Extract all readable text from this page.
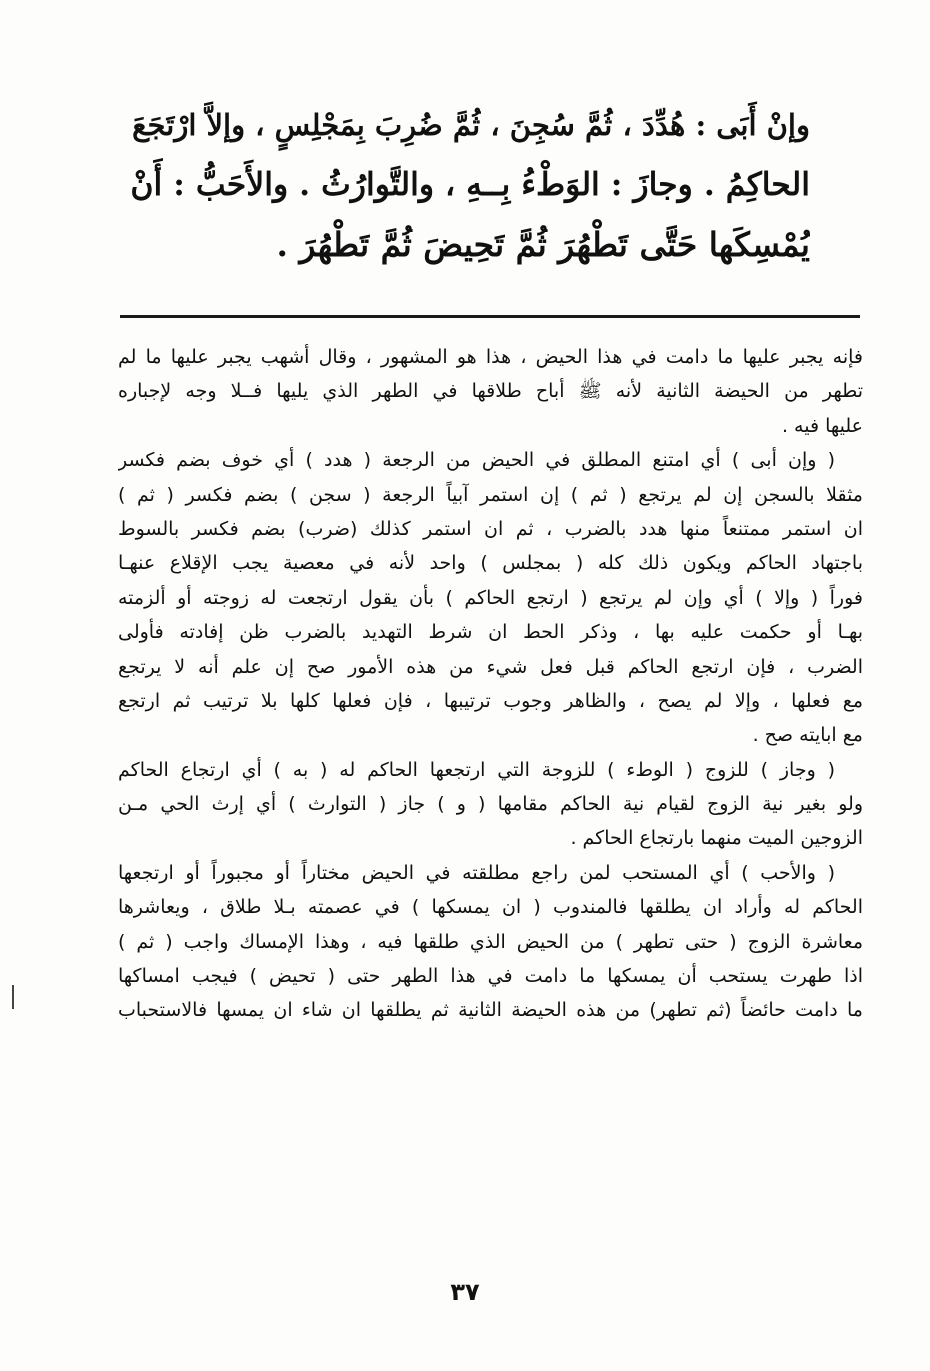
وإنْ أَبَى : هُدِّدَ ، ثُمَّ سُجِنَ ، ثُمَّ ضُرِبَ بِمَجْلِسٍ ، وإلاَّ ارْتَجَعَ
الحاكِمُ . وجازَ : الوَطْءُ بِــهِ ، والتَّوارُثُ . والأَحَبُّ : أَنْ
يُمْسِكَها حَتَّى تَطْهُرَ ثُمَّ تَحِيضَ ثُمَّ تَطْهُرَ .
فإنه يجبر عليها ما دامت في هذا الحيض ، هذا هو المشهور ، وقال أشهب يجبر عليها ما لم
تطهر من الحيضة الثانية لأنه ﷺ أباح طلاقها في الطهر الذي يليها فــلا وجه لإجباره
عليها فيه .
( وإن أبى ) أي امتنع المطلق في الحيض من الرجعة ( هدد ) أي خوف بضم فكسر
مثقلا بالسجن إن لم يرتجع ( ثم ) إن استمر آبياً الرجعة ( سجن ) بضم فكسر ( ثم )
ان استمر ممتنعاً منها هدد بالضرب ، ثم ان استمر كذلك (ضرب) بضم فكسر بالسوط
باجتهاد الحاكم ويكون ذلك كله ( بمجلس ) واحد لأنه في معصية يجب الإقلاع عنهـا
فوراً ( وإلا ) أي وإن لم يرتجع ( ارتجع الحاكم ) بأن يقول ارتجعت له زوجته أو ألزمته
بهـا أو حكمت عليه بها ، وذكر الحط ان شرط التهديد بالضرب ظن إفادته فأولى
الضرب ، فإن ارتجع الحاكم قبل فعل شيء من هذه الأمور صح إن علم أنه لا يرتجع
مع فعلها ، وإلا لم يصح ، والظاهر وجوب ترتيبها ، فإن فعلها كلها بلا ترتيب ثم ارتجع
مع ابايته صح .
( وجاز ) للزوج ( الوطء ) للزوجة التي ارتجعها الحاكم له ( به ) أي ارتجاع الحاكم
ولو بغير نية الزوج لقيام نية الحاكم مقامها ( و ) جاز ( التوارث ) أي إرث الحي مـن
الزوجين الميت منهما بارتجاع الحاكم .
( والأحب ) أي المستحب لمن راجع مطلقته في الحيض مختاراً أو مجبوراً أو ارتجعها
الحاكم له وأراد ان يطلقها فالمندوب ( ان يمسكها ) في عصمته بـلا طلاق ، ويعاشرها
معاشرة الزوج ( حتى تطهر ) من الحيض الذي طلقها فيه ، وهذا الإمساك واجب ( ثم )
اذا طهرت يستحب أن يمسكها ما دامت في هذا الطهر حتى ( تحيض ) فيجب امساكها
ما دامت حائضاً (ثم تطهر) من هذه الحيضة الثانية ثم يطلقها ان شاء ان يمسها فالاستحباب
٣٧
